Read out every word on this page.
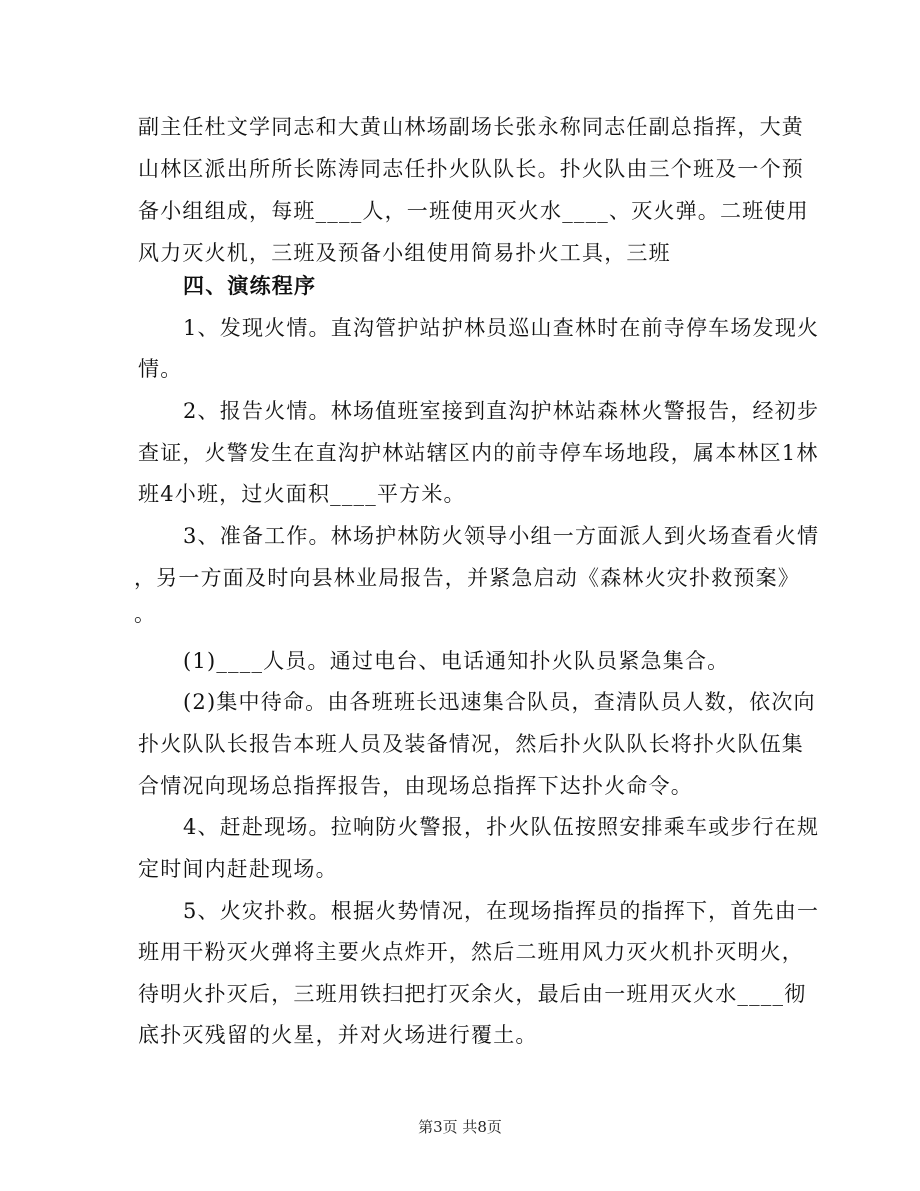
副主任杜文学同志和大黄山林场副场长张永称同志任副总指挥，大黄
山林区派出所所长陈涛同志任扑火队队长。扑火队由三个班及一个预
备小组组成，每班____人，一班使用灭火水____、灭火弹。二班使用
风力灭火机，三班及预备小组使用简易扑火工具，三班
四、演练程序
1、发现火情。直沟管护站护林员巡山查林时在前寺停车场发现火
情。
2、报告火情。林场值班室接到直沟护林站森林火警报告，经初步
查证，火警发生在直沟护林站辖区内的前寺停车场地段，属本林区1林
班4小班，过火面积____平方米。
3、准备工作。林场护林防火领导小组一方面派人到火场查看火情
，另一方面及时向县林业局报告，并紧急启动《森林火灾扑救预案》
。
(1)____人员。通过电台、电话通知扑火队员紧急集合。
(2)集中待命。由各班班长迅速集合队员，查清队员人数，依次向
扑火队队长报告本班人员及装备情况，然后扑火队队长将扑火队伍集
合情况向现场总指挥报告，由现场总指挥下达扑火命令。
4、赶赴现场。拉响防火警报，扑火队伍按照安排乘车或步行在规
定时间内赶赴现场。
5、火灾扑救。根据火势情况，在现场指挥员的指挥下，首先由一
班用干粉灭火弹将主要火点炸开，然后二班用风力灭火机扑灭明火，
待明火扑灭后，三班用铁扫把打灭余火，最后由一班用灭火水____彻
底扑灭残留的火星，并对火场进行覆土。
第3页 共8页
